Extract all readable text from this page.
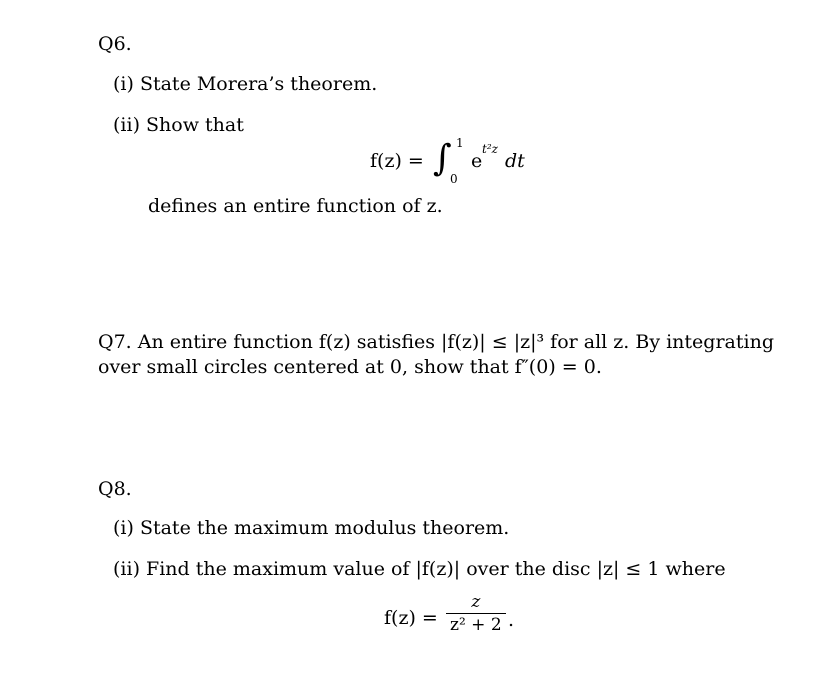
Q6.
(i) State Morera’s theorem.
(ii) Show that
f(z) = ∫ 1
0
e
t²z
dt
defines an entire function of z.
Q7. An entire function f(z) satisfies |f(z)| ≤ |z|³ for all z. By integrating
over small circles centered at 0, show that f″(0) = 0.
Q8.
(i) State the maximum modulus theorem.
(ii) Find the maximum value of |f(z)| over the disc |z| ≤ 1 where
$f(z) = \frac{z}{\text{z² + 2}}$ .
